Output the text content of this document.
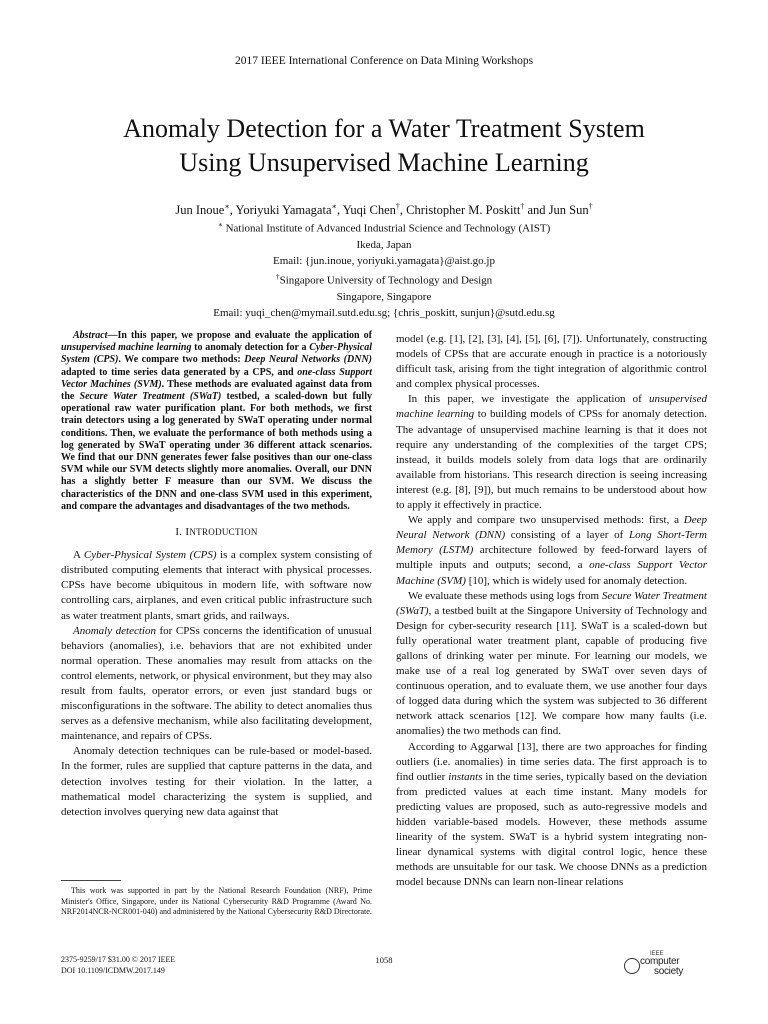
2017 IEEE International Conference on Data Mining Workshops
Anomaly Detection for a Water Treatment System
Using Unsupervised Machine Learning
Jun Inoue∗, Yoriyuki Yamagata∗, Yuqi Chen†, Christopher M. Poskitt† and Jun Sun†
∗ National Institute of Advanced Industrial Science and Technology (AIST)
Ikeda, Japan
Email: {jun.inoue, yoriyuki.yamagata}@aist.go.jp
†Singapore University of Technology and Design
Singapore, Singapore
Email: yuqi_chen@mymail.sutd.edu.sg; {chris_poskitt, sunjun}@sutd.edu.sg

Abstract—In this paper, we propose and evaluate the application of unsupervised machine learning to anomaly detection for a Cyber-Physical System (CPS). We compare two methods: Deep Neural Networks (DNN) adapted to time series data generated by a CPS, and one-class Support Vector Machines (SVM). These methods are evaluated against data from the Secure Water Treatment (SWaT) testbed, a scaled-down but fully operational raw water purification plant. For both methods, we first train detectors using a log generated by SWaT operating under normal conditions. Then, we evaluate the performance of both methods using a log generated by SWaT operating under 36 different attack scenarios. We find that our DNN generates fewer false positives than our one-class SVM while our SVM detects slightly more anomalies. Overall, our DNN has a slightly better F measure than our SVM. We discuss the characteristics of the DNN and one-class SVM used in this experiment, and compare the advantages and disadvantages of the two methods.

I. INTRODUCTION

A Cyber-Physical System (CPS) is a complex system consisting of distributed computing elements that interact with physical processes. CPSs have become ubiquitous in modern life, with software now controlling cars, airplanes, and even critical public infrastructure such as water treatment plants, smart grids, and railways.

Anomaly detection for CPSs concerns the identification of unusual behaviors (anomalies), i.e. behaviors that are not exhibited under normal operation. These anomalies may result from attacks on the control elements, network, or physical environment, but they may also result from faults, operator errors, or even just standard bugs or misconfigurations in the software. The ability to detect anomalies thus serves as a defensive mechanism, while also facilitating development, maintenance, and repairs of CPSs.

Anomaly detection techniques can be rule-based or model-based. In the former, rules are supplied that capture patterns in the data, and detection involves testing for their violation. In the latter, a mathematical model characterizing the system is supplied, and detection involves querying new data against that

This work was supported in part by the National Research Foundation (NRF), Prime Minister's Office, Singapore, under its National Cybersecurity R&D Programme (Award No. NRF2014NCR-NCR001-040) and administered by the National Cybersecurity R&D Directorate.

model (e.g. [1], [2], [3], [4], [5], [6], [7]). Unfortunately, constructing models of CPSs that are accurate enough in practice is a notoriously difficult task, arising from the tight integration of algorithmic control and complex physical processes.

In this paper, we investigate the application of unsupervised machine learning to building models of CPSs for anomaly detection. The advantage of unsupervised machine learning is that it does not require any understanding of the complexities of the target CPS; instead, it builds models solely from data logs that are ordinarily available from historians. This research direction is seeing increasing interest (e.g. [8], [9]), but much remains to be understood about how to apply it effectively in practice.

We apply and compare two unsupervised methods: first, a Deep Neural Network (DNN) consisting of a layer of Long Short-Term Memory (LSTM) architecture followed by feed-forward layers of multiple inputs and outputs; second, a one-class Support Vector Machine (SVM) [10], which is widely used for anomaly detection.

We evaluate these methods using logs from Secure Water Treatment (SWaT), a testbed built at the Singapore University of Technology and Design for cyber-security research [11]. SWaT is a scaled-down but fully operational water treatment plant, capable of producing five gallons of drinking water per minute. For learning our models, we make use of a real log generated by SWaT over seven days of continuous operation, and to evaluate them, we use another four days of logged data during which the system was subjected to 36 different network attack scenarios [12]. We compare how many faults (i.e. anomalies) the two methods can find.

According to Aggarwal [13], there are two approaches for finding outliers (i.e. anomalies) in time series data. The first approach is to find outlier instants in the time series, typically based on the deviation from predicted values at each time instant. Many models for predicting values are proposed, such as auto-regressive models and hidden variable-based models. However, these methods assume linearity of the system. SWaT is a hybrid system integrating non-linear dynamical systems with digital control logic, hence these methods are unsuitable for our task. We choose DNNs as a prediction model because DNNs can learn non-linear relations

2375-9259/17 $31.00 © 2017 IEEE
DOI 10.1109/ICDMW.2017.149
1058
IEEE
computer
society
